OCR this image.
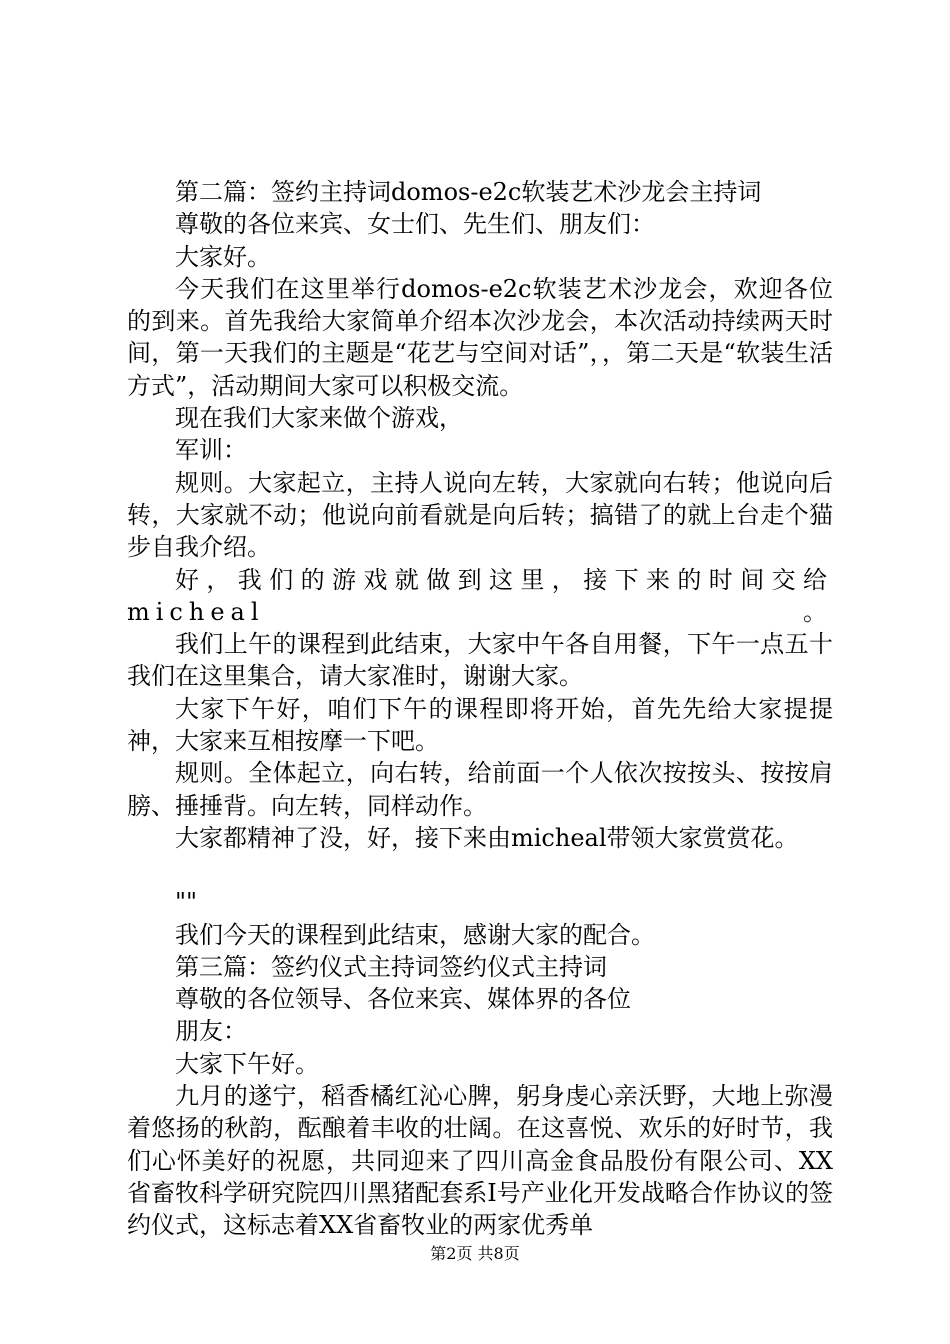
第二篇：签约主持词domos-e2c软装艺术沙龙会主持词

尊敬的各位来宾、女士们、先生们、朋友们：

大家好。

今天我们在这里举行domos-e2c软装艺术沙龙会，欢迎各位的到来。首先我给大家简单介绍本次沙龙会，本次活动持续两天时间，第一天我们的主题是“花艺与空间对话”，，第二天是“软装生活方式”，活动期间大家可以积极交流。

现在我们大家来做个游戏，

军训：

规则。大家起立，主持人说向左转，大家就向右转；他说向后转，大家就不动；他说向前看就是向后转；搞错了的就上台走个猫步自我介绍。

好，我们的游戏就做到这里，接下来的时间交给micheal。

我们上午的课程到此结束，大家中午各自用餐，下午一点五十我们在这里集合，请大家准时，谢谢大家。

大家下午好，咱们下午的课程即将开始，首先先给大家提提神，大家来互相按摩一下吧。

规则。全体起立，向右转，给前面一个人依次按按头、按按肩膀、捶捶背。向左转，同样动作。

大家都精神了没，好，接下来由micheal带领大家赏赏花。

""

我们今天的课程到此结束，感谢大家的配合。

第三篇：签约仪式主持词签约仪式主持词

尊敬的各位领导、各位来宾、媒体界的各位

朋友：

大家下午好。

九月的遂宁，稻香橘红沁心脾，躬身虔心亲沃野，大地上弥漫着悠扬的秋韵，酝酿着丰收的壮阔。在这喜悦、欢乐的好时节，我们心怀美好的祝愿，共同迎来了四川高金食品股份有限公司、XX省畜牧科学研究院四川黑猪配套系Ⅰ号产业化开发战略合作协议的签约仪式，这标志着XX省畜牧业的两家优秀单

第2页 共8页
